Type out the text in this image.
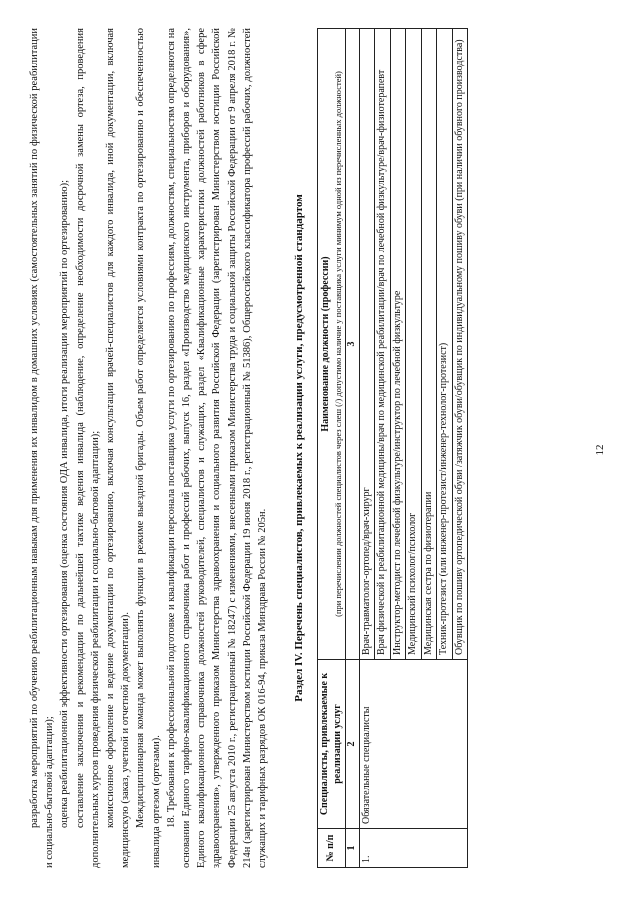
12

разработка мероприятий по обучению реабилитационным навыкам для применения их инвалидом в домашних условиях (самостоятельных занятий по физической реабилитации и социально-бытовой адаптации); оценка реабилитационной эффективности ортезирования (оценка состояния ОДА инвалида, итоги реализации мероприятий по ортезированию); составление заключения и рекомендации по дальнейшей тактике ведения инвалида (наблюдение, определение необходимости досрочной замены ортеза, проведения дополнительных курсов проведения физической реабилитации и социально-бытовой адаптации); комиссионное оформление и ведение документации по ортезированию, включая консультации врачей-специалистов для каждого инвалида, иной документации, включая медицинскую (заказ, учетной и отчетной документации). Междисциплинарная команда может выполнять функции в режиме выездной бригады. Объем работ определяется условиями контракта по ортезированию и обеспеченностью инвалида ортезом (ортезами). 18. Требования к профессиональной подготовке и квалификации персонала поставщика услуги по ортезированию по профессиям, должностям, специальностям определяются на основании Единого тарифно-квалификационного справочника работ и профессий рабочих, выпуск 16, раздел «Производство медицинского инструмента, приборов и оборудования», Единого квалификационного справочника должностей руководителей, специалистов и служащих, раздел «Квалификационные характеристики должностей работников в сфере здравоохранения», утвержденного приказом Министерства здравоохранения и социального развития Российской Федерации (зарегистрирован Министерством юстиции Российской Федерации 25 августа 2010 г., регистрационный № 18247) с изменениями, внесенными приказом Министерства труда и социальной защиты Российской Федерации от 9 апреля 2018 г. № 214н (зарегистрирован Министерством юстиции Российской Федерации 19 июня 2018 г., регистрационный № 51386), Общероссийского классификатора профессий рабочих, должностей служащих и тарифных разрядов ОК 016-94, приказа Минздрава России № 205н. Раздел IV. Перечень специалистов, привлекаемых к реализации услуги, предусмотренной стандартом
№ п/п	Специалисты, привлекаемые к реализации услуг	Наименование должности (профессии) (при перечислении должностей специалистов через слеш (/) допустимо наличие у поставщика услуги минимум одной из перечисленных должностей)

1	2	3
1.	Обязательные специалисты	Врач-травматолог-ортопед/врач-хирург
		Врач физической и реабилитационной медицины/врач по медицинской реабилитации/врач по лечебной физкультуре/врач-физиотерапевт
		Инструктор-методист по лечебной физкультуре/инструктор по лечебной физкультуре
		Медицинский психолог/психолог
		Медицинская сестра по физиотерапии
		Техник-протезист (или инженер-протезист/инженер-технолог-протезист)
		Обувщик по пошиву ортопедической обуви /затяжчик обуви/обувщик по индивидуальному пошиву обуви (при наличии обувного производства)
